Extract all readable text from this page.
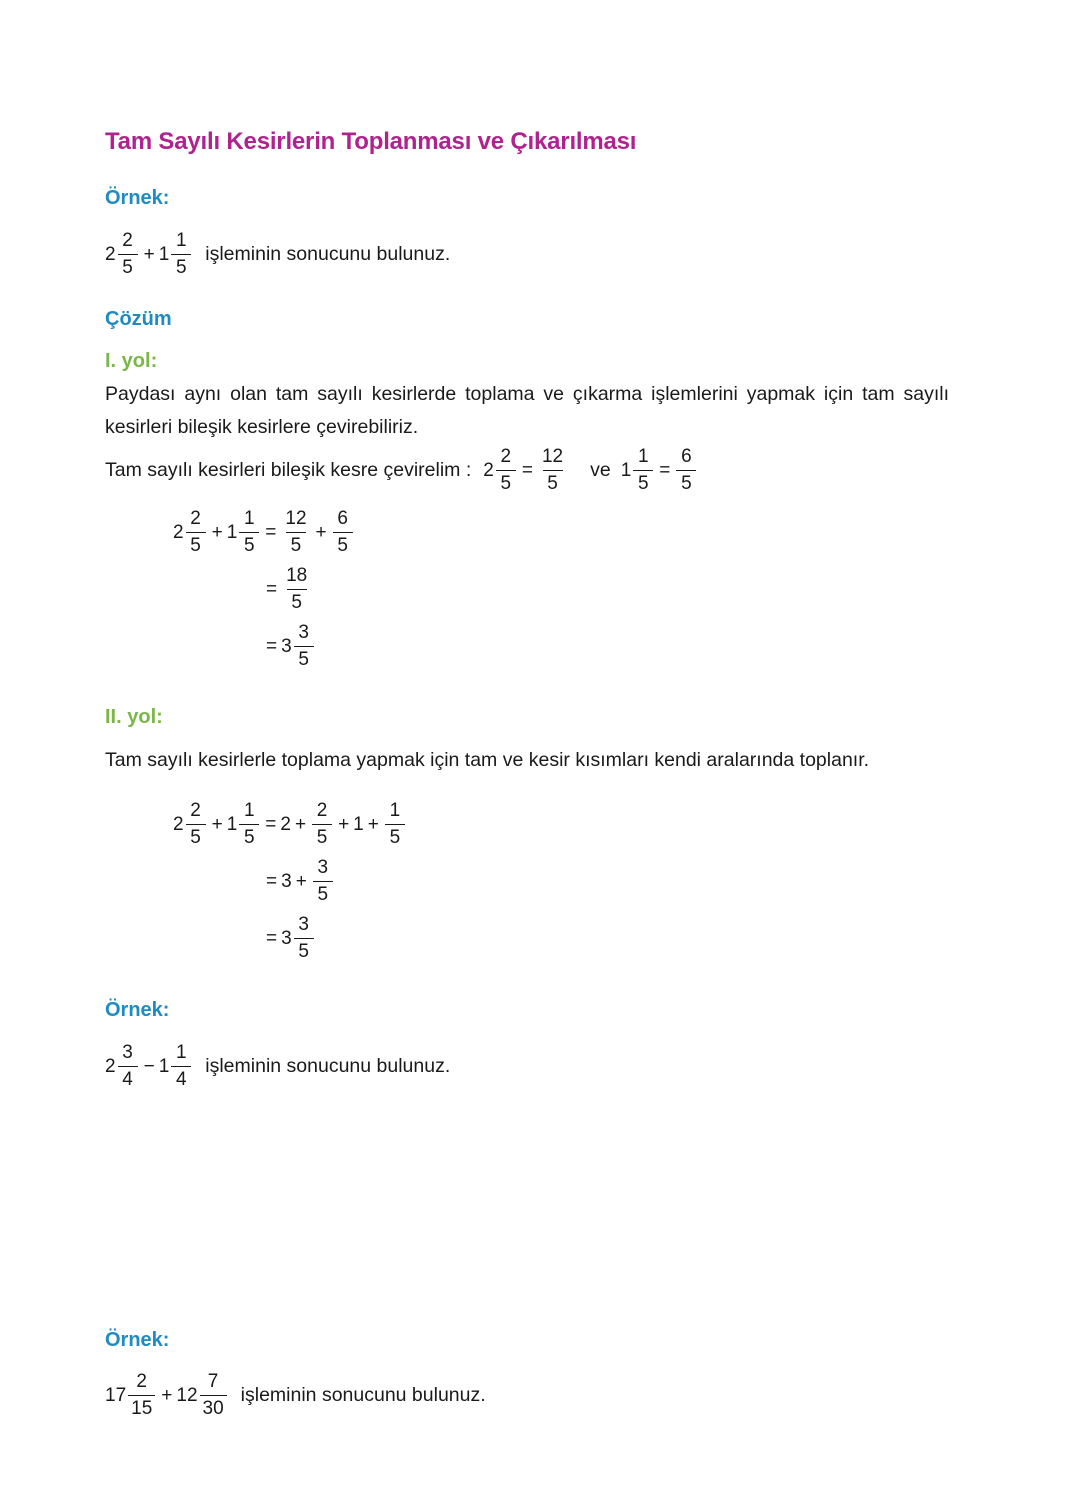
Tam Sayılı Kesirlerin Toplanması ve Çıkarılması
Örnek:
$2 \frac{2}{5} + 1 \frac{1}{5}$ işleminin sonucunu bulunuz.
Çözüm
I. yol:
Paydası aynı olan tam sayılı kesirlerde toplama ve çıkarma işlemlerini yapmak için tam sayılı kesirleri bileşik kesirlere çevirebiliriz.
Tam sayılı kesirleri bileşik kesre çevirelim : $2 \frac{2}{5} = \frac{12}{5}$ ve $1 \frac{1}{5} = \frac{6}{5}$
$2 \frac{2}{5} + 1 \frac{1}{5} = \frac{12}{5} + \frac{6}{5}$
= $\frac{18}{5}$
= $3 \frac{3}{5}$
II. yol:
Tam sayılı kesirlerle toplama yapmak için tam ve kesir kısımları kendi aralarında toplanır.
$2 \frac{2}{5} + 1 \frac{1}{5} = 2 + \frac{2}{5} + 1 + \frac{1}{5}$
= $3 + \frac{3}{5}$
= $3 \frac{3}{5}$
Örnek:
$2 \frac{3}{4} - 1 \frac{1}{4}$ işleminin sonucunu bulunuz.
Örnek:
$17 \frac{2}{15} + 12 \frac{7}{30}$ işleminin sonucunu bulunuz.
